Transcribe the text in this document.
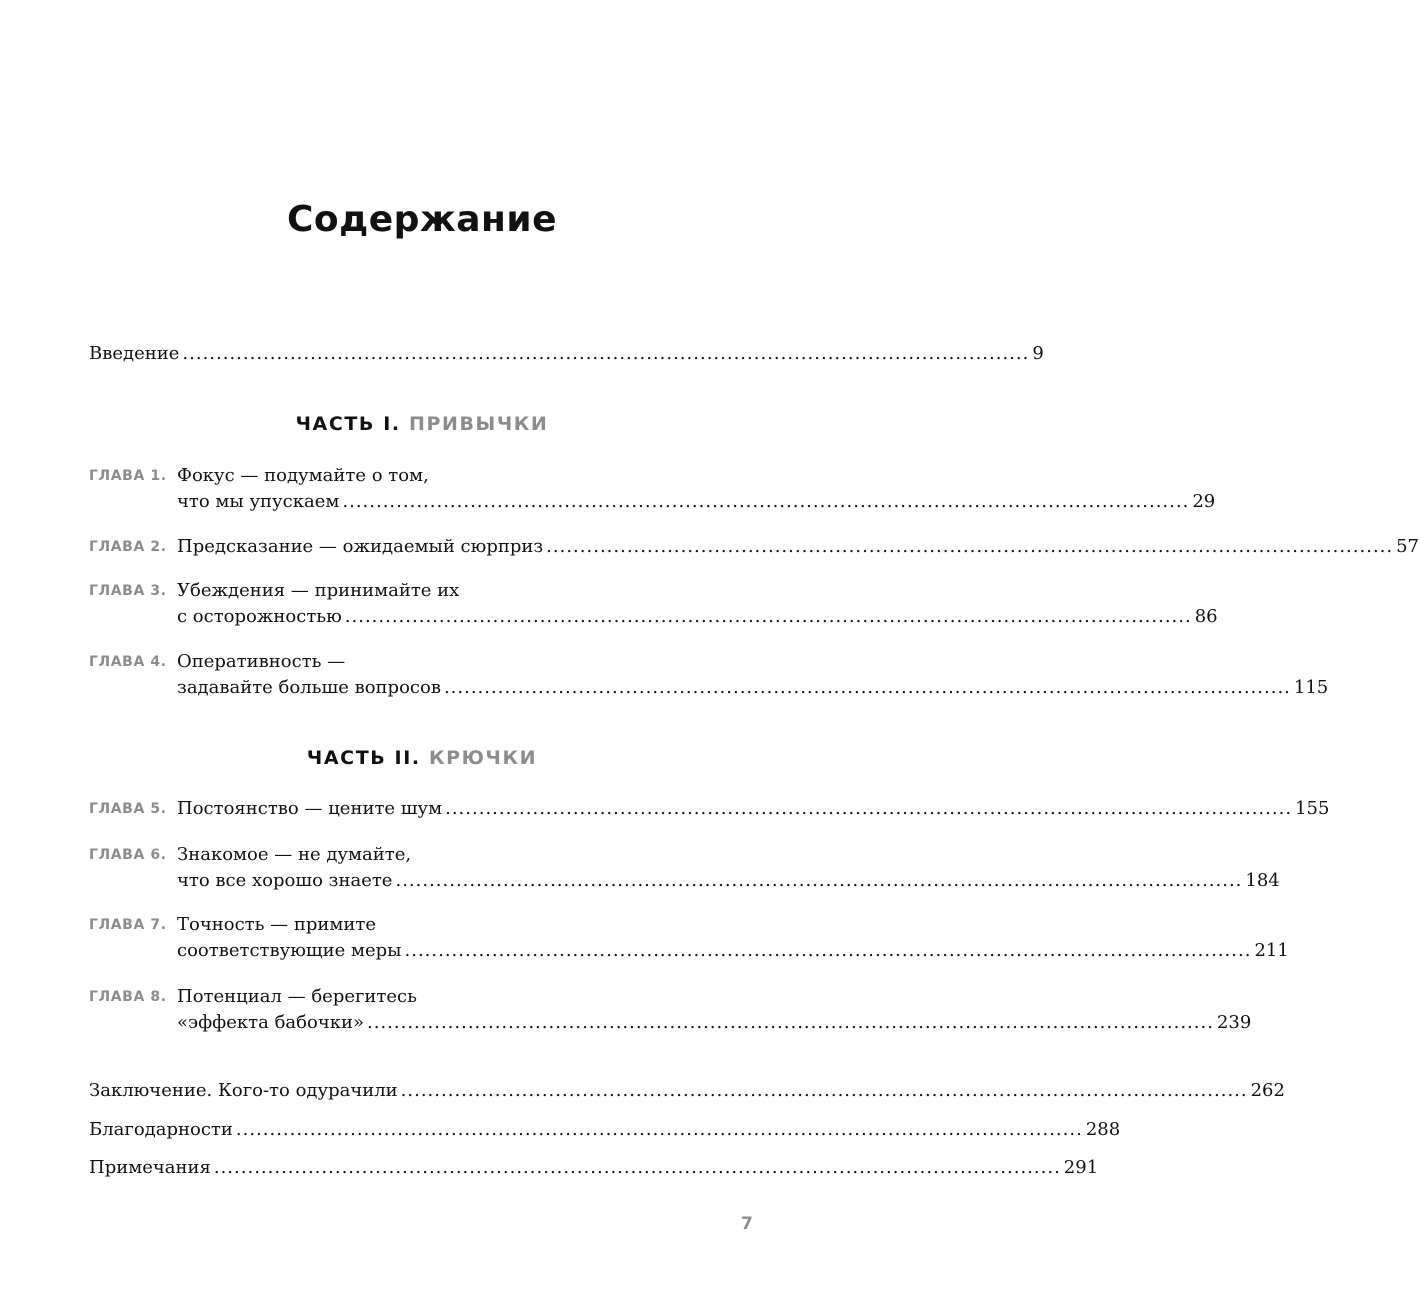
Содержание
Введение .............................................................................................................................. 9
ЧАСТЬ I. ПРИВЫЧКИ
ГЛАВА 1. Фокус — подумайте о том,
что мы упускаем .............................................................................................................................. 29
ГЛАВА 2. Предсказание — ожидаемый сюрприз .............................................................................................................................. 57
ГЛАВА 3. Убеждения — принимайте их
с осторожностью .............................................................................................................................. 86
ГЛАВА 4. Оперативность —
задавайте больше вопросов .............................................................................................................................. 115
ЧАСТЬ II. КРЮЧКИ
ГЛАВА 5. Постоянство — цените шум .............................................................................................................................. 155
ГЛАВА 6. Знакомое — не думайте,
что все хорошо знаете .............................................................................................................................. 184
ГЛАВА 7. Точность — примите
соответствующие меры .............................................................................................................................. 211
ГЛАВА 8. Потенциал — берегитесь
«эффекта бабочки» .............................................................................................................................. 239
Заключение. Кого-то одурачили .............................................................................................................................. 262
Благодарности .............................................................................................................................. 288
Примечания .............................................................................................................................. 291
7
